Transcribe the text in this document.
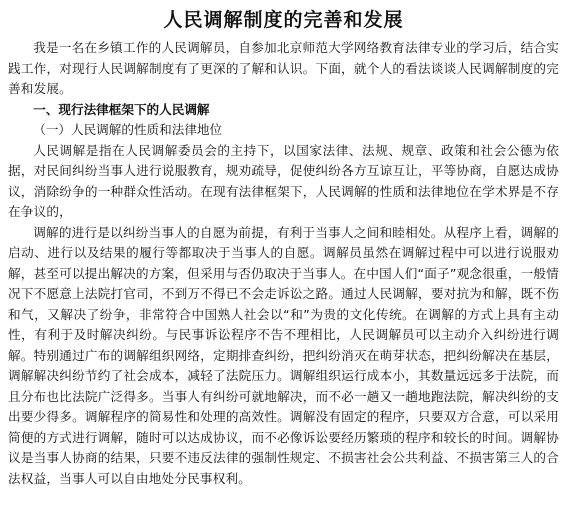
人民调解制度的完善和发展

我是一名在乡镇工作的人民调解员，自参加北京师范大学网络教育法律专业的学习后，结合实践工作，对现行人民调解制度有了更深的了解和认识。下面，就个人的看法谈谈人民调解制度的完善和发展。

一、现行法律框架下的人民调解

（一）人民调解的性质和法律地位

人民调解是指在人民调解委员会的主持下，以国家法律、法规、规章、政策和社会公德为依据，对民间纠纷当事人进行说服教育，规劝疏导，促使纠纷各方互谅互让，平等协商，自愿达成协议，消除纷争的一种群众性活动。在现有法律框架下，人民调解的性质和法律地位在学术界是不存在争议的，

调解的进行是以纠纷当事人的自愿为前提，有利于当事人之间和睦相处。从程序上看，调解的启动、进行以及结果的履行等都取决于当事人的自愿。调解员虽然在调解过程中可以进行说服劝解，甚至可以提出解决的方案，但采用与否仍取决于当事人。在中国人们“面子”观念很重，一般情况下不愿意上法院打官司，不到万不得已不会走诉讼之路。通过人民调解，要对抗为和解，既不伤和气，又解决了纷争，非常符合中国熟人社会以“和”为贵的文化传统。在调解的方式上具有主动性，有利于及时解决纠纷。与民事诉讼程序不告不理相比，人民调解员可以主动介入纠纷进行调解。特别通过广布的调解组织网络，定期排查纠纷，把纠纷消灭在萌芽状态，把纠纷解决在基层，调解解决纠纷节约了社会成本，减轻了法院压力。调解组织运行成本小，其数量远远多于法院，而且分布也比法院广泛得多。当事人有纠纷可就地解决，而不必一趟又一趟地跑法院，解决纠纷的支出要少得多。调解程序的简易性和处理的高效性。调解没有固定的程序，只要双方合意，可以采用简便的方式进行调解，随时可以达成协议，而不必像诉讼要经历繁琐的程序和较长的时间。调解协议是当事人协商的结果，只要不违反法律的强制性规定、不损害社会公共利益、不损害第三人的合法权益，当事人可以自由地处分民事权利。
